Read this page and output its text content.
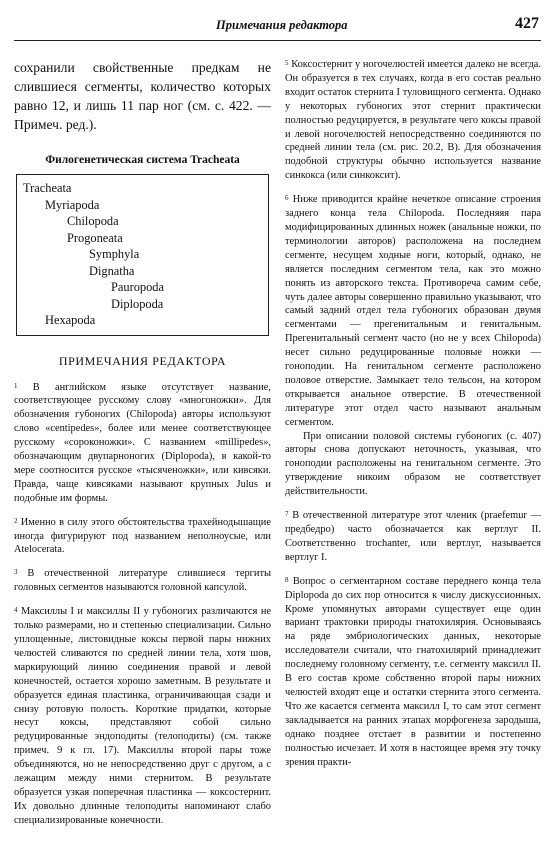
Примечания редактора	427

сохранили свойственные предкам не слившиеся сегменты, количество которых равно 12, и лишь 11 пар ног (см. с. 422. — Примеч. ред.).

Филогенетическая система Tracheata
Tracheata
Myriapoda
Chilopoda
Progoneata
Symphyla
Dignatha
Pauropoda
Diplopoda
Hexapoda
ПРИМЕЧАНИЯ РЕДАКТОРА

$^1$ В английском языке отсутствует название, соответствующее русскому слову «многоножки». Для обозначения губоногих (Chilopoda) авторы используют слово «centipedes», более или менее соответствующее русскому «сороконожки». С названием «millipedes», обозначающим двупарноногих (Diplopoda), в какой-то мере соотносится русское «тысяченожки», или кивсяки. Правда, чаще кивсяками называют крупных Julus и подобные им формы.

$^2$ Именно в силу этого обстоятельства трахейнодышащие иногда фигурируют под названием неполноусые, или Atelocerata.

$^3$ В отечественной литературе слившиеся тергиты головных сегментов называются головной капсулой.

$^4$ Максиллы I и максиллы II у губоногих различаются не только размерами, но и степенью специализации. Сильно уплощенные, листовидные коксы первой пары нижних челюстей сливаются по средней линии тела, хотя шов, маркирующий линию соединения правой и левой конечностей, остается хорошо заметным. В результате и образуется единая пластинка, ограничивающая сзади и снизу ротовую полость. Короткие придатки, которые несут коксы, представляют собой сильно редуцированные эндоподиты (телоподиты) (см. также примеч. 9 к гл. 17). Максиллы второй пары тоже объединяются, но не непосредственно друг с другом, а с лежащим между ними стернитом. В результате образуется узкая поперечная пластинка — коксостернит. Их довольно длинные телоподиты напоминают слабо специализированные конечности.

$^5$ Коксостернит у ногочелюстей имеется далеко не всегда. Он образуется в тех случаях, когда в его состав реально входит остаток стернита I туловищного сегмента. Однако у некоторых губоногих этот стернит практически полностью редуцируется, в результате чего коксы правой и левой ногочелюстей непосредственно соединяются по средней линии тела (см. рис. 20.2, В). Для обозначения подобной структуры обычно используется название синкокса (или синкоксит).

$^6$ Ниже приводится крайне нечеткое описание строения заднего конца тела Chilopoda. Последняяя пара модифицированных длинных ножек (анальные ножки, по терминологии авторов) расположена на последнем сегменте, несущем ходные ноги, который, однако, не является последним сегментом тела, как это можно понять из авторского текста. Противореча самим себе, чуть далее авторы совершенно правильно указывают, что самый задний отдел тела губоногих образован двумя сегментами — прегенитальным и генитальным. Прегенитальный сегмент часто (но не у всех Chilopoda) несет сильно редуцированные половые ножки — гоноподии. На генитальном сегменте расположено половое отверстие. Замыкает тело тельсон, на котором открывается анальное отверстие. В отечественной литературе этот отдел часто называют анальным сегментом.

При описании половой системы губоногих (с. 407) авторы снова допускают неточность, указывая, что гоноподии расположены на генитальном сегменте. Это утверждение никоим образом не соответствует действительности.

$^7$ В отечественной литературе этот членик (praefemur — предбедро) часто обозначается как вертлуг II. Соответственно trochanter, или вертлуг, называется вертлуг I.

$^8$ Вопрос о сегментарном составе переднего конца тела Diplopoda до сих пор относится к числу дискуссионных. Кроме упомянутых авторами существует еще один вариант трактовки природы гнатохилярия. Основываясь на ряде эмбриологических данных, некоторые исследователи считали, что гнатохилярий принадлежит последнему головному сегменту, т.е. сегменту максилл II. В его состав кроме собственно второй пары нижних челюстей входят еще и остатки стернита этого сегмента. Что же касается сегмента максилл I, то сам этот сегмент закладывается на ранних этапах морфогенеза зародыша, однако позднее отстает в развитии и постепенно полностью исчезает. И хотя в настоящее время эту точку зрения практи-
